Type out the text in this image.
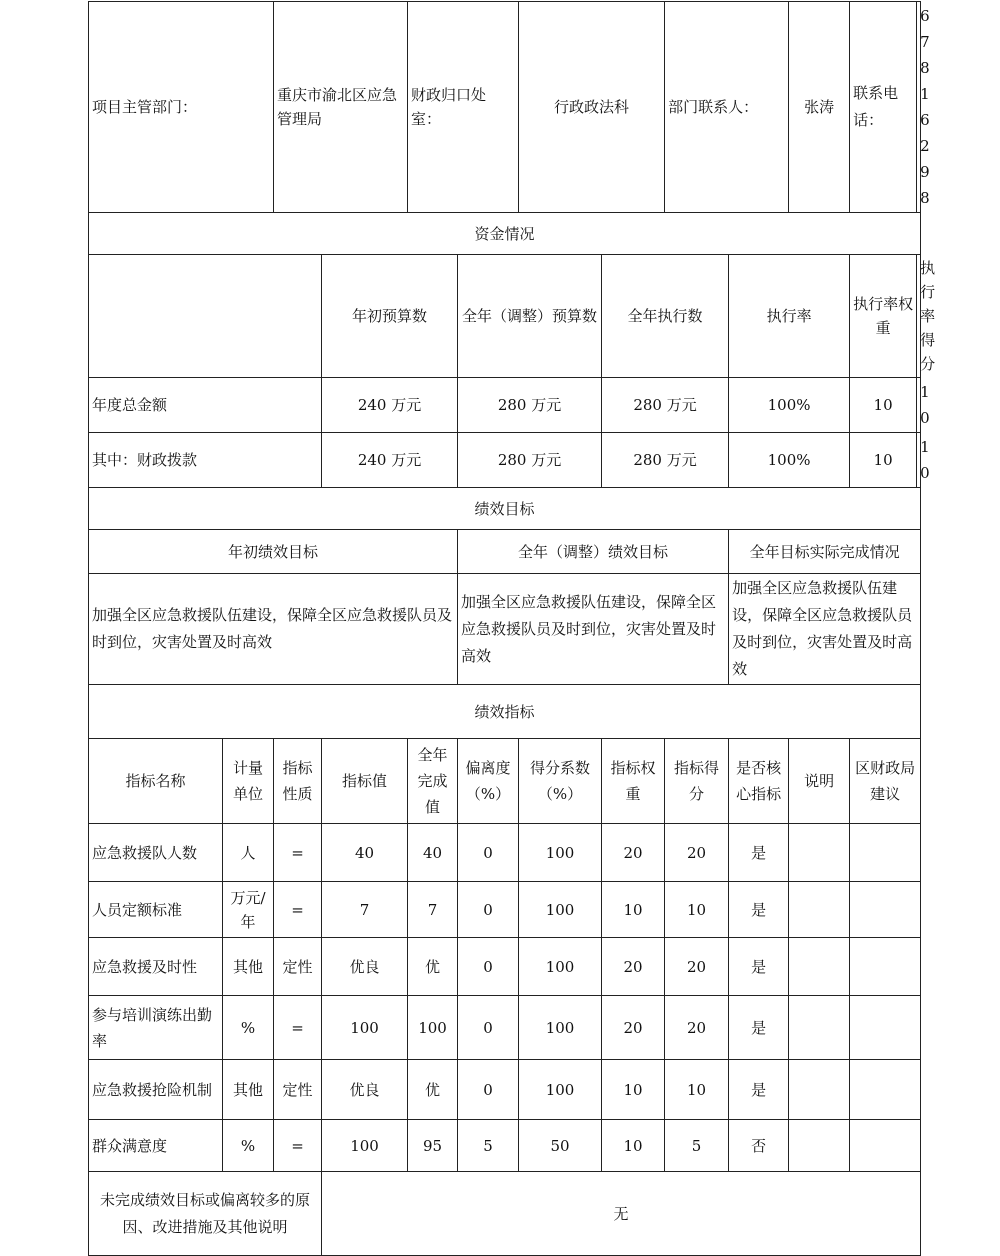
项目主管部门：		重庆市渝北区应急管理局		财政归口处室：		行政政法科		部门联系人：		张涛	联系电话：	67816298
资金情况												
			年初预算数		全年（调整）预算数		全年执行数		执行率		执行率权重	执行率得分
年度总金额			240 万元		280 万元		280 万元		100%		10	10
其中：财政拨款			240 万元		280 万元		280 万元		100%		10	10
绩效目标												
年初绩效目标					全年（调整）绩效目标				全年目标实际完成情况			
加强全区应急救援队伍建设，保障全区应急救援队员及时到位，灾害处置及时高效					加强全区应急救援队伍建设，保障全区应急救援队员及时到位，灾害处置及时高效				加强全区应急救援队伍建设，保障全区应急救援队员及时到位，灾害处置及时高效			
绩效指标												
指标名称	计量单位	指标性质	指标值	全年完成值	偏离度（%）	得分系数（%）	指标权重	指标得分	是否核心指标	说明	区财政局建议	
应急救援队人数	人	=	40	40	0	100	20	20	是			
人员定额标准	万元/年	=	7	7	0	100	10	10	是			
应急救援及时性	其他	定性	优良	优	0	100	20	20	是			
参与培训演练出勤率	%	=	100	100	0	100	20	20	是			
应急救援抢险机制	其他	定性	优良	优	0	100	10	10	是			
群众满意度	%	=	100	95	5	50	10	5	否			
未完成绩效目标或偏离较多的原因、改进措施及其他说明			无									
